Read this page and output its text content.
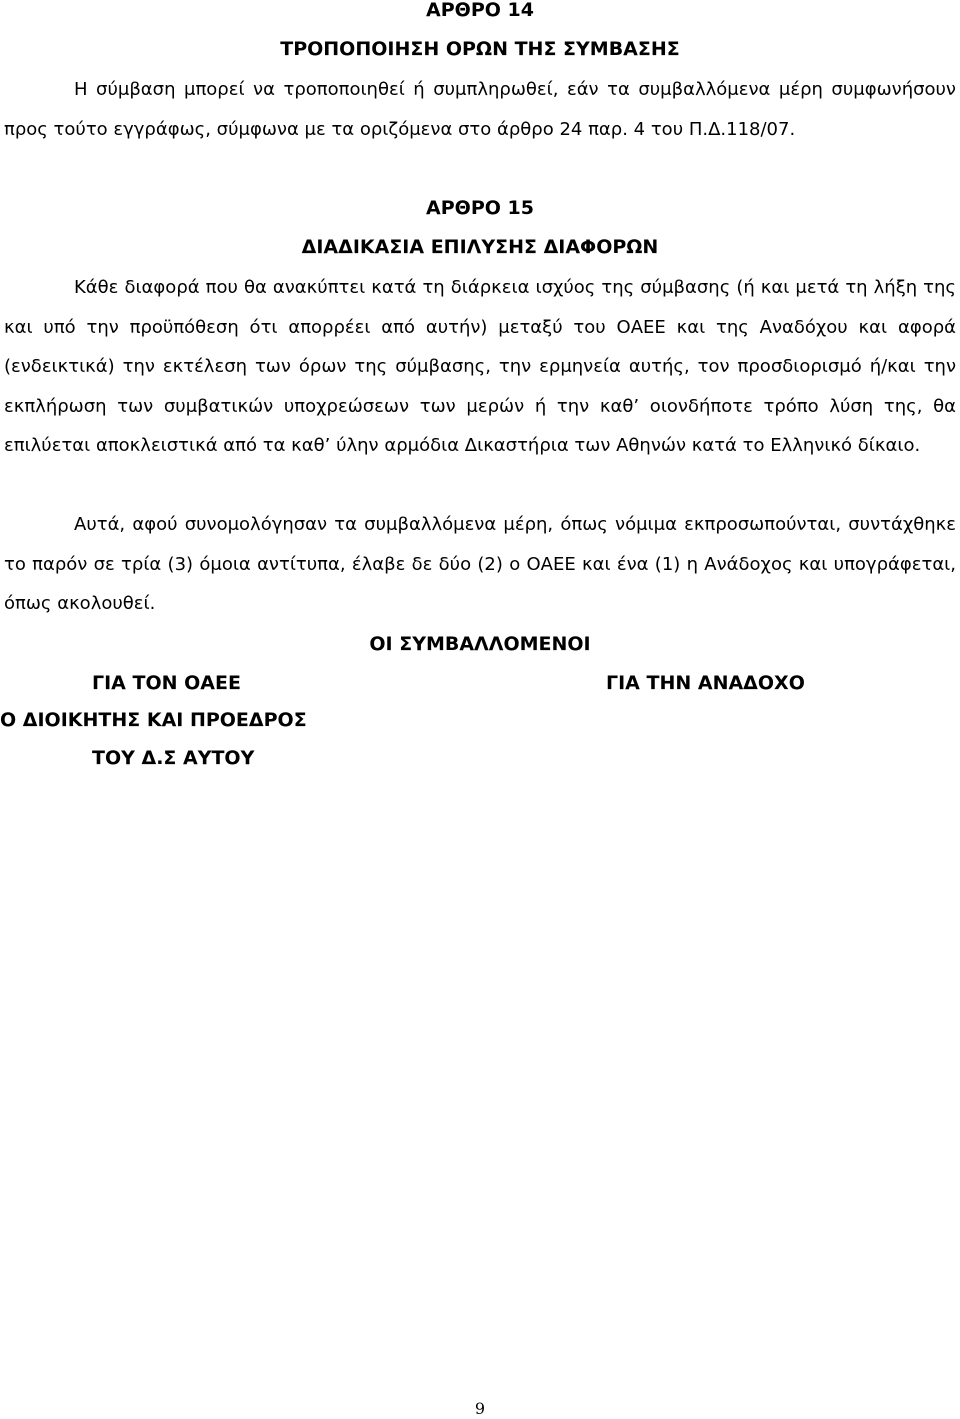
ΑΡΘΡΟ 14
ΤΡΟΠΟΠΟΙΗΣΗ ΟΡΩΝ ΤΗΣ ΣΥΜΒΑΣΗΣ

Η σύμβαση μπορεί να τροποποιηθεί ή συμπληρωθεί, εάν τα συμβαλλόμενα μέρη συμφωνήσουν προς τούτο εγγράφως, σύμφωνα με τα οριζόμενα στο άρθρο 24 παρ. 4 του Π.Δ.118/07.

ΑΡΘΡΟ 15
ΔΙΑΔΙΚΑΣΙΑ ΕΠΙΛΥΣΗΣ ΔΙΑΦΟΡΩΝ

Κάθε διαφορά που θα ανακύπτει κατά τη διάρκεια ισχύος της σύμβασης (ή και μετά τη λήξη της και υπό την προϋπόθεση ότι απορρέει από αυτήν) μεταξύ του ΟΑΕΕ και της Αναδόχου και αφορά (ενδεικτικά) την εκτέλεση των όρων της σύμβασης, την ερμηνεία αυτής, τον προσδιορισμό ή/και την εκπλήρωση των συμβατικών υποχρεώσεων των μερών ή την καθ’ οιονδήποτε τρόπο λύση της, θα επιλύεται αποκλειστικά από τα καθ’ ύλην αρμόδια Δικαστήρια των Αθηνών κατά το Ελληνικό δίκαιο.

Αυτά, αφού συνομολόγησαν τα συμβαλλόμενα μέρη, όπως νόμιμα εκπροσωπούνται, συντάχθηκε το παρόν σε τρία (3) όμοια αντίτυπα, έλαβε δε δύο (2) ο ΟΑΕΕ και ένα (1) η Ανάδοχος και υπογράφεται, όπως ακολουθεί.

ΟΙ ΣΥΜΒΑΛΛΟΜΕΝΟΙ
ΓΙΑ ΤΟΝ ΟΑΕΕ	ΓΙΑ ΤΗΝ ΑΝΑΔΟΧΟ
Ο ΔΙΟΙΚΗΤΗΣ ΚΑΙ ΠΡΟΕΔΡΟΣ
ΤΟΥ Δ.Σ ΑΥΤΟΥ
9
